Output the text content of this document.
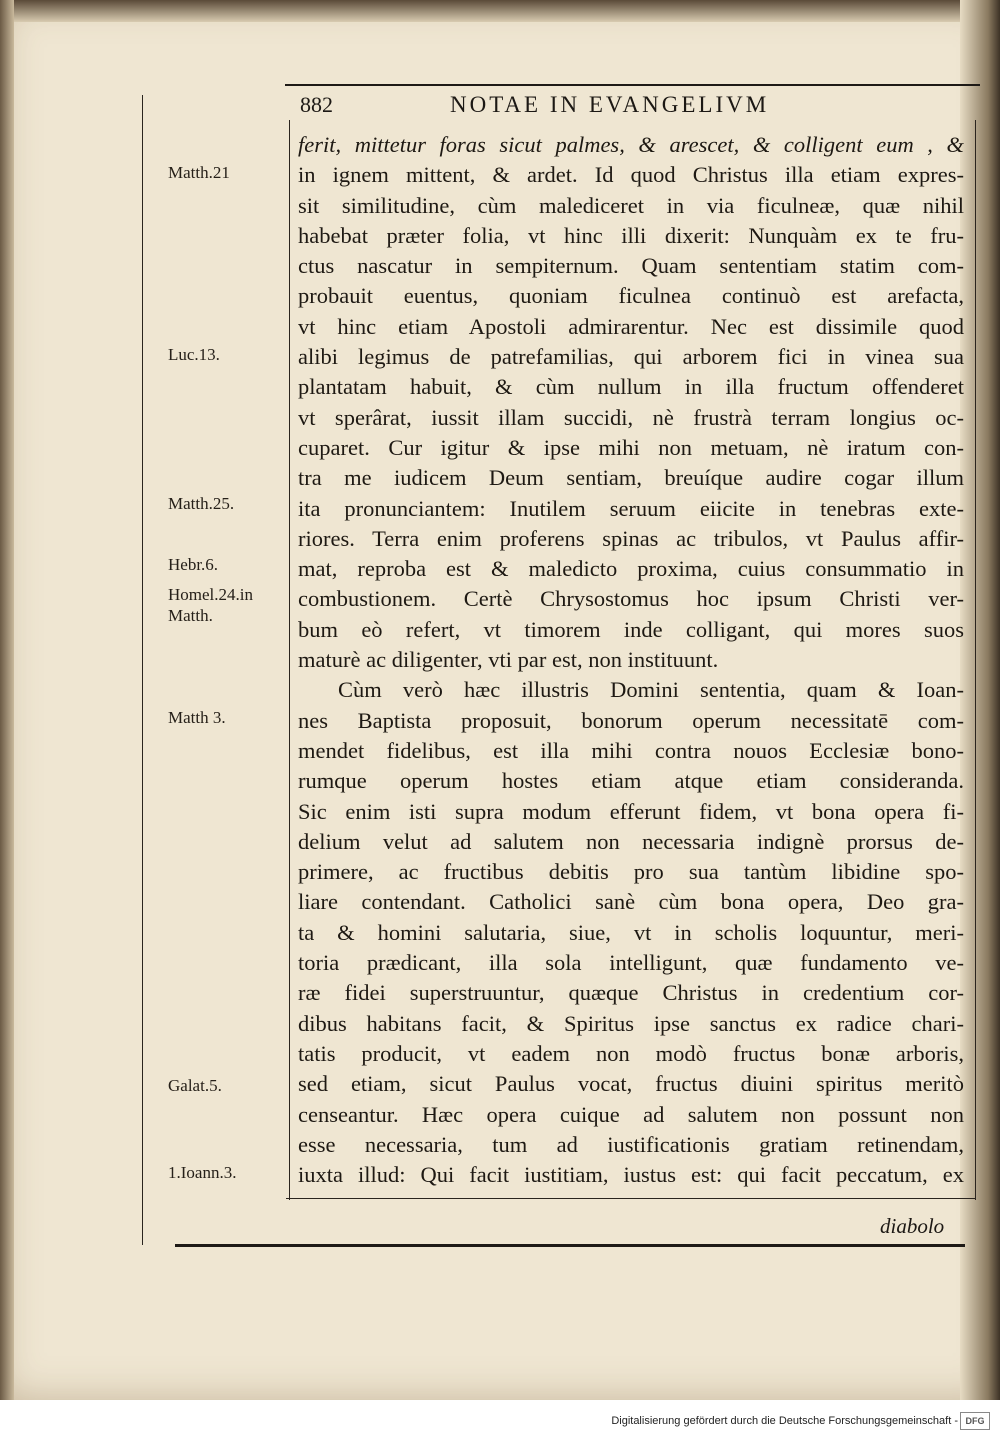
882	NOTAE IN EVANGELIVM
Matth.21
Luc.13.
Matth.25.
Hebr.6.
Homel.24.in
Matth.
Matth 3.
Galat.5.
1.Ioann.3.
ferit, mittetur foras sicut palmes, & arescet, & colligent eum , &
in ignem mittent, & ardet. Id quod Christus illa etiam expres-
sit similitudine, cùm malediceret in via ficulneæ, quæ nihil
habebat præter folia, vt hinc illi dixerit: Nunquàm ex te fru-
ctus nascatur in sempiternum. Quam sententiam statim com-
probauit euentus, quoniam ficulnea continuò est arefacta,
vt hinc etiam Apostoli admirarentur. Nec est dissimile quod
alibi legimus de patrefamilias, qui arborem fici in vinea sua
plantatam habuit, & cùm nullum in illa fructum offenderet
vt sperârat, iussit illam succidi, nè frustrà terram longius oc-
cuparet. Cur igitur & ipse mihi non metuam, nè iratum con-
tra me iudicem Deum sentiam, breuíque audire cogar illum
ita pronunciantem: Inutilem seruum eiicite in tenebras exte-
riores. Terra enim proferens spinas ac tribulos, vt Paulus affir-
mat, reproba est & maledicto proxima, cuius consummatio in
combustionem. Certè Chrysostomus hoc ipsum Christi ver-
bum eò refert, vt timorem inde colligant, qui mores suos
maturè ac diligenter, vti par est, non instituunt.
Cùm verò hæc illustris Domini sententia, quam & Ioan-
nes Baptista proposuit, bonorum operum necessitatē com-
mendet fidelibus, est illa mihi contra nouos Ecclesiæ bono-
rumque operum hostes etiam atque etiam consideranda.
Sic enim isti supra modum efferunt fidem, vt bona opera fi-
delium velut ad salutem non necessaria indignè prorsus de-
primere, ac fructibus debitis pro sua tantùm libidine spo-
liare contendant. Catholici sanè cùm bona opera, Deo gra-
ta & homini salutaria, siue, vt in scholis loquuntur, meri-
toria prædicant, illa sola intelligunt, quæ fundamento ve-
ræ fidei superstruuntur, quæque Christus in credentium cor-
dibus habitans facit, & Spiritus ipse sanctus ex radice chari-
tatis producit, vt eadem non modò fructus bonæ arboris,
sed etiam, sicut Paulus vocat, fructus diuini spiritus meritò
censeantur. Hæc opera cuique ad salutem non possunt non
esse necessaria, tum ad iustificationis gratiam retinendam,
iuxta illud: Qui facit iustitiam, iustus est: qui facit peccatum, ex
diabolo
Digitalisierung gefördert durch die Deutsche Forschungsgemeinschaft - DFG
